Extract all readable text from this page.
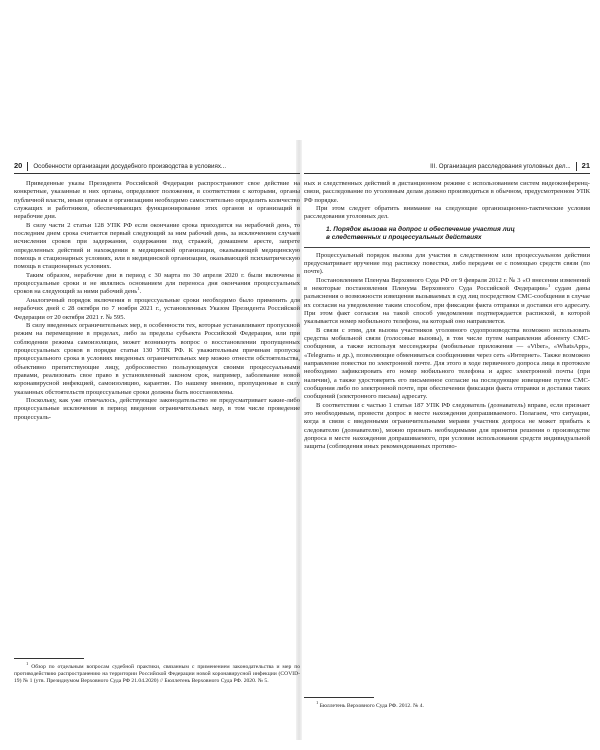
20 Особенности организации досудебного производства в условиях...

Приведенные указы Президента Российской Федерации распространяют свое действие на конкретные, указанные в них органы, определяют положения, в соответствии с которыми, органы публичной власти, иным органам и организациям необходимо самостоятельно определить количество служащих и работников, обеспечивающих функционирование этих органов и организаций в нерабочие дни.

В силу части 2 статьи 128 УПК РФ если окончание срока приходится на нерабочий день, то последним днем срока считается первый следующий за ним рабочий день, за исключением случаев исчисления сроков при задержании, содержании под стражей, домашнем аресте, запрете определенных действий и нахождении в медицинской организации, оказывающей медицинскую помощь в стационарных условиях, или в медицинской организации, оказывающей психиатрическую помощь в стационарных условиях.

Таким образом, нерабочие дни в период с 30 марта по 30 апреля 2020 г. были включены в процессуальные сроки и не являлись основанием для переноса дня окончания процессуальных сроков на следующий за ними рабочий день$^1$.

Аналогичный порядок включения в процессуальные сроки необходимо было применить для нерабочих дней с 28 октября по 7 ноября 2021 г., установленных Указом Президента Российской Федерации от 20 октября 2021 г. № 595.

В силу введенных ограничительных мер, в особенности тех, которые устанавливают пропускной режим на перемещение в пределах, либо за пределы субъекта Российской Федерации, или при соблюдении режима самоизоляции, может возникнуть вопрос о восстановлении пропущенных процессуальных сроков в порядке статьи 130 УПК РФ. К уважительным причинам пропуска процессуального срока в условиях введенных ограничительных мер можно отнести обстоятельства, объективно препятствующие лицу, добросовестно пользующемуся своими процессуальными правами, реализовать свое право в установленный законом срок, например, заболевание новой коронавирусной инфекцией, самоизоляцию, карантин. По нашему мнению, пропущенные в силу указанных обстоятельств процессуальные сроки должны быть восстановлены.

Поскольку, как уже отмечалось, действующее законодательство не предусматривает какие-либо процессуальные исключения в период введения ограничительных мер, в том числе проведение процессуаль-

$^1$ Обзор по отдельным вопросам судебной практики, связанным с применением законодательства и мер по противодействию распространению на территории Российской Федерации новой коронавирусной инфекции (COVID-19) № 1 (утв. Президиумом Верховного Суда РФ 21.04.2020) // Бюллетень Верховного Суда РФ. 2020. № 5.

III. Организация расследования уголовных дел... 21

ных и следственных действий в дистанционном режиме с использованием систем видеоконференц-связи, расследование по уголовным делам должно производиться в обычном, предусмотренном УПК РФ порядке.

При этом следует обратить внимание на следующие организационно-тактические условия расследования уголовных дел.

1. Порядок вызова на допрос и обеспечение участия лиц
в следственных и процессуальных действиях

Процессуальный порядок вызова для участия в следственном или процессуальном действии предусматривает вручение под расписку повестки, либо передачи ее с помощью средств связи (по почте).

Постановлением Пленума Верховного Суда РФ от 9 февраля 2012 г. № 3 «О внесении изменений в некоторые постановления Пленума Верховного Суда Российской Федерации»$^1$ судам даны разъяснения о возможности извещения вызываемых в суд лиц посредством СМС-сообщения в случае их согласия на уведомление таким способом, при фиксации факта отправки и доставки его адресату. При этом факт согласия на такой способ уведомления подтверждается распиской, в которой указывается номер мобильного телефона, на который оно направляется.

В связи с этим, для вызова участников уголовного судопроизводства возможно использовать средства мобильной связи (голосовые вызовы), в том числе путем направления абоненту СМС-сообщения, а также используя мессенджеры (мобильные приложения — «Viber», «WhatsApp», «Telegram» и др.), позволяющие обмениваться сообщениями через сеть «Интернет». Также возможно направление повестки по электронной почте. Для этого в ходе первичного допроса лица в протоколе необходимо зафиксировать его номер мобильного телефона и адрес электронной почты (при наличии), а также удостоверить его письменное согласие на последующее извещение путем СМС-сообщения либо по электронной почте, при обеспечении фиксации факта отправки и доставки таких сообщений (электронного письма) адресату.

В соответствии с частью 1 статьи 187 УПК РФ следователь (дознаватель) вправе, если признает это необходимым, провести допрос в месте нахождения допрашиваемого. Полагаем, что ситуации, когда в связи с введенными ограничительными мерами участник допроса не может прибыть к следователю (дознавателю), можно признать необходимыми для принятия решения о производстве допроса в месте нахождения допрашиваемого, при условии использования средств индивидуальной защиты (соблюдения иных рекомендованных противо-

$^1$ Бюллетень Верховного Суда РФ. 2012. № 4.
